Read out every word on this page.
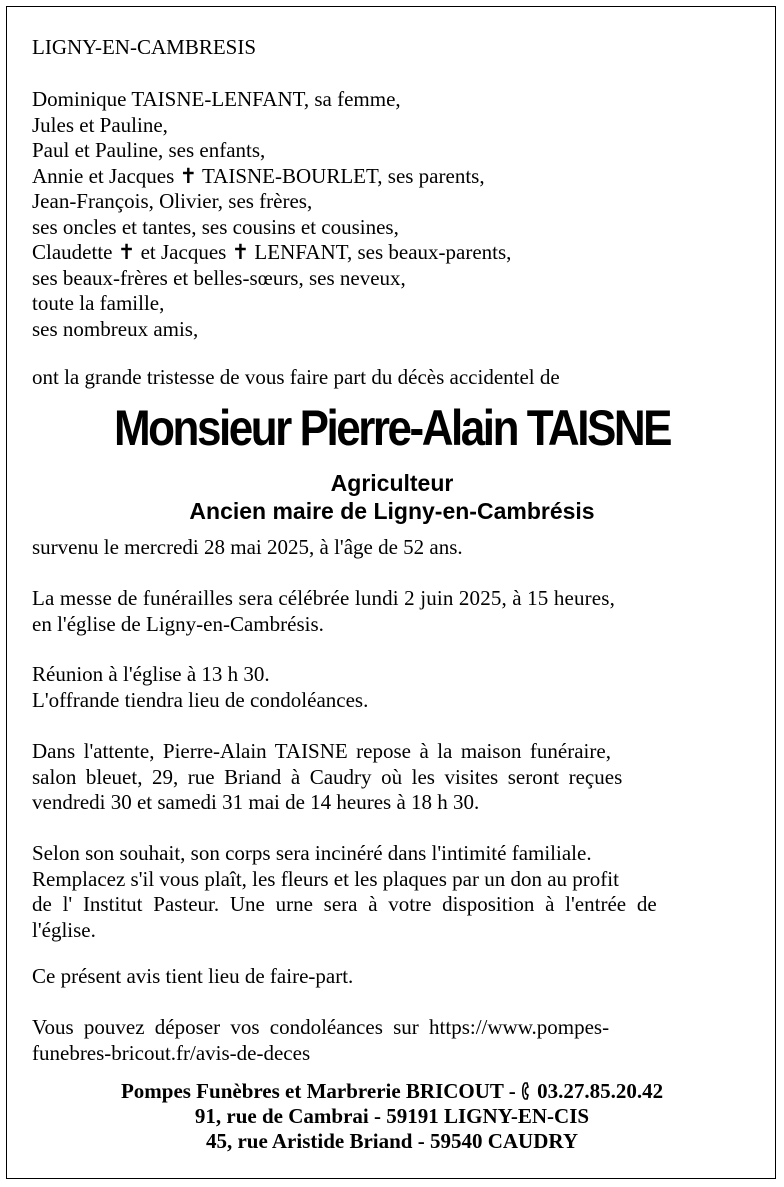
LIGNY-EN-CAMBRESIS
Dominique TAISNE-LENFANT, sa femme,
Jules et Pauline,
Paul et Pauline, ses enfants,
Annie et Jacques ✝ TAISNE-BOURLET, ses parents,
Jean-François, Olivier, ses frères,
ses oncles et tantes, ses cousins et cousines,
Claudette ✝ et Jacques ✝ LENFANT, ses beaux-parents,
ses beaux-frères et belles-sœurs, ses neveux,
toute la famille,
ses nombreux amis,
ont la grande tristesse de vous faire part du décès accidentel de
Monsieur Pierre-Alain TAISNE
Agriculteur
Ancien maire de Ligny-en-Cambrésis
survenu le mercredi 28 mai 2025, à l'âge de 52 ans.
La messe de funérailles sera célébrée lundi 2 juin 2025, à 15 heures,
en l'église de Ligny-en-Cambrésis.
Réunion à l'église à 13 h 30.
L'offrande tiendra lieu de condoléances.
Dans l'attente, Pierre-Alain TAISNE repose à la maison funéraire,
salon bleuet, 29, rue Briand à Caudry où les visites seront reçues
vendredi 30 et samedi 31 mai de 14 heures à 18 h 30.
Selon son souhait, son corps sera incinéré dans l'intimité familiale.
Remplacez s'il vous plaît, les fleurs et les plaques par un don au profit
de l' Institut Pasteur. Une urne sera à votre disposition à l'entrée de
l'église.
Ce présent avis tient lieu de faire-part.
Vous pouvez déposer vos condoléances sur https://www.pompes-
funebres-bricout.fr/avis-de-deces
Pompes Funèbres et Marbrerie BRICOUT - 03.27.85.20.42
91, rue de Cambrai - 59191 LIGNY-EN-CIS
45, rue Aristide Briand - 59540 CAUDRY
